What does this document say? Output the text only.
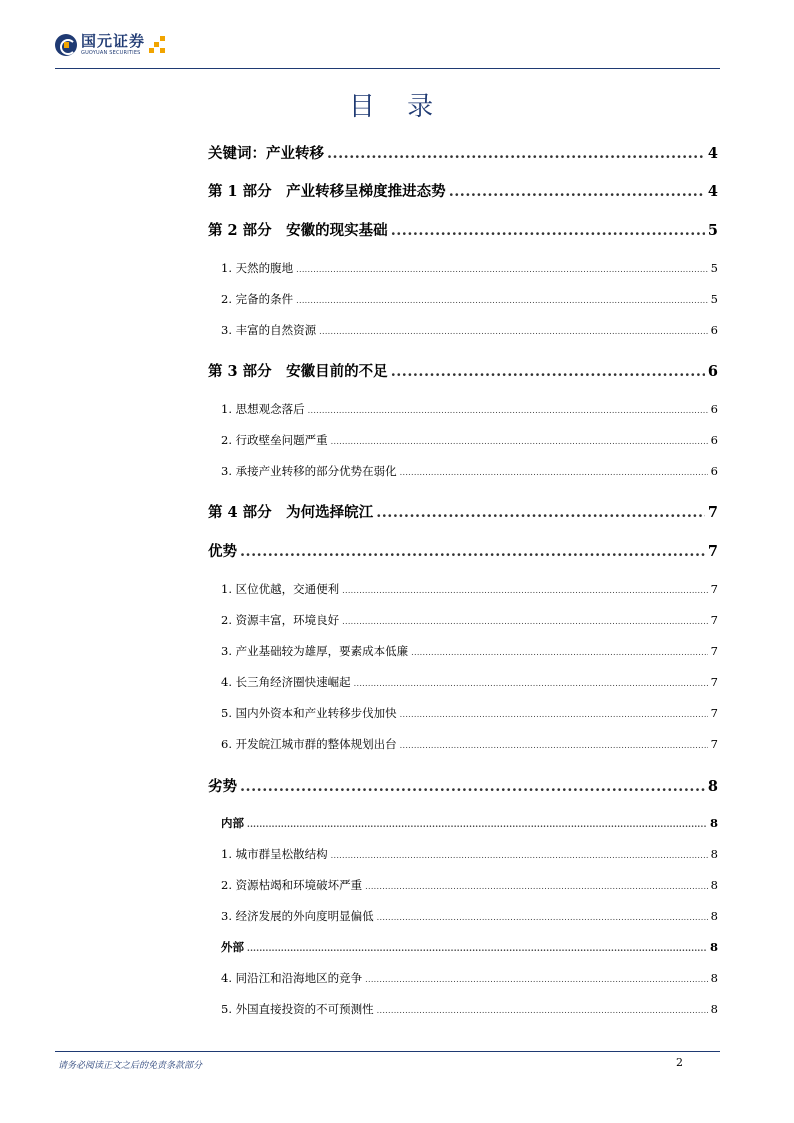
国元证券
GUOYUAN SECURITIES
目 录
关键词：产业转移 .....	4
第 1 部分　产业转移呈梯度推进态势 .....	4
第 2 部分　安徽的现实基础 .....	5
1. 天然的腹地 .....	5
2. 完备的条件 .....	5
3. 丰富的自然资源 .....	6
第 3 部分　安徽目前的不足 .....	6
1. 思想观念落后 .....	6
2. 行政壁垒问题严重 .....	6
3. 承接产业转移的部分优势在弱化 .....	6
第 4 部分　为何选择皖江 .....	7
优势 .....	7
1. 区位优越，交通便利 .....	7
2. 资源丰富，环境良好 .....	7
3. 产业基础较为雄厚，要素成本低廉 .....	7
4. 长三角经济圈快速崛起 .....	7
5. 国内外资本和产业转移步伐加快 .....	7
6. 开发皖江城市群的整体规划出台 .....	7
劣势 .....	8
内部 .....	8
1. 城市群呈松散结构 .....	8
2. 资源枯竭和环境破坏严重 .....	8
3. 经济发展的外向度明显偏低 .....	8
外部 .....	8
4. 同沿江和沿海地区的竞争 .....	8
5. 外国直接投资的不可预测性 .....	8
请务必阅读正文之后的免责条款部分	2
